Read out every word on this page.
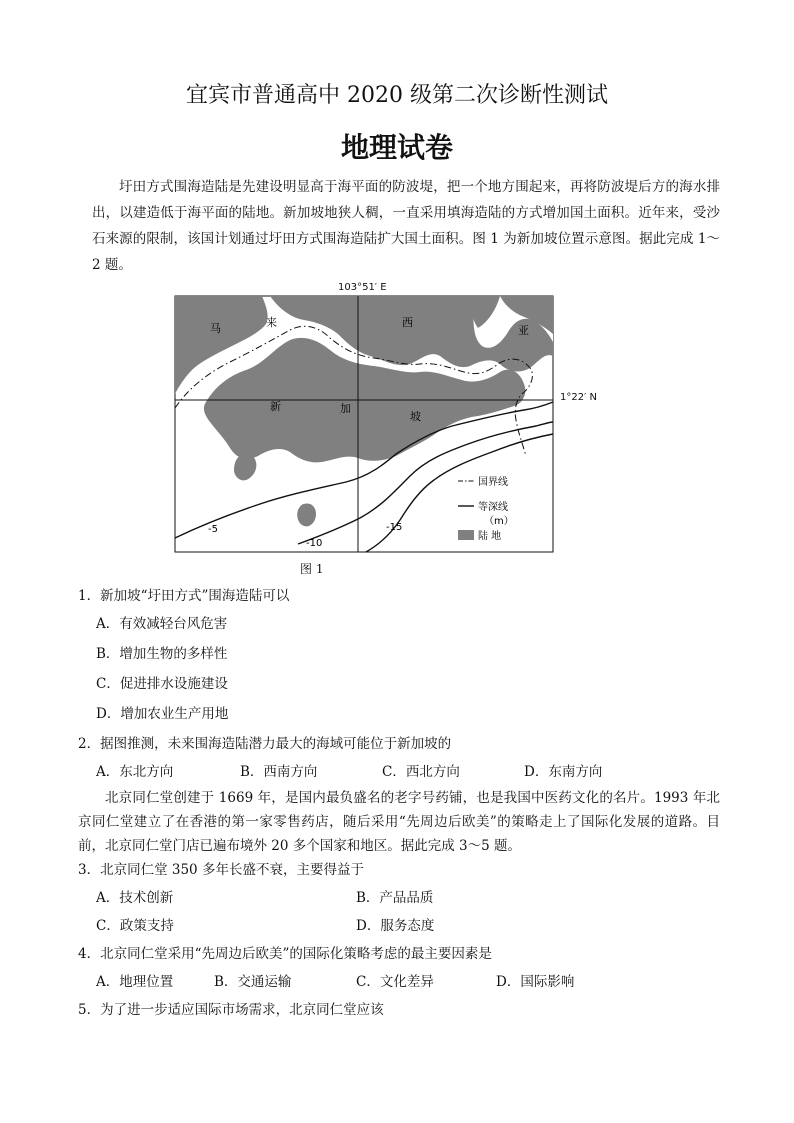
宜宾市普通高中 2020 级第二次诊断性测试
地理试卷
圩田方式围海造陆是先建设明显高于海平面的防波堤，把一个地方围起来，再将防波堤后方的海水排出，以建造低于海平面的陆地。新加坡地狭人稠，一直采用填海造陆的方式增加国土面积。近年来，受沙石来源的限制，该国计划通过圩田方式围海造陆扩大国土面积。图 1 为新加坡位置示意图。据此完成 1～2 题。
103°51′ E
1°22′ N
马	来	西
亚
新	加
坡
-5
-10
-15
国界线
等深线
（m）
陆 地
图 1
1．新加坡“圩田方式”围海造陆可以
A．有效减轻台风危害
B．增加生物的多样性
C．促进排水设施建设
D．增加农业生产用地
2．据图推测，未来围海造陆潜力最大的海域可能位于新加坡的
A．东北方向	B．西南方向	C．西北方向	D．东南方向
北京同仁堂创建于 1669 年，是国内最负盛名的老字号药铺，也是我国中医药文化的名片。1993 年北京同仁堂建立了在香港的第一家零售药店，随后采用“先周边后欧美”的策略走上了国际化发展的道路。目前，北京同仁堂门店已遍布境外 20 多个国家和地区。据此完成 3～5 题。
3．北京同仁堂 350 多年长盛不衰，主要得益于
A．技术创新	B．产品品质
C．政策支持	D．服务态度
4．北京同仁堂采用“先周边后欧美”的国际化策略考虑的最主要因素是
A．地理位置	B．交通运输	C．文化差异	D．国际影响
5．为了进一步适应国际市场需求，北京同仁堂应该
